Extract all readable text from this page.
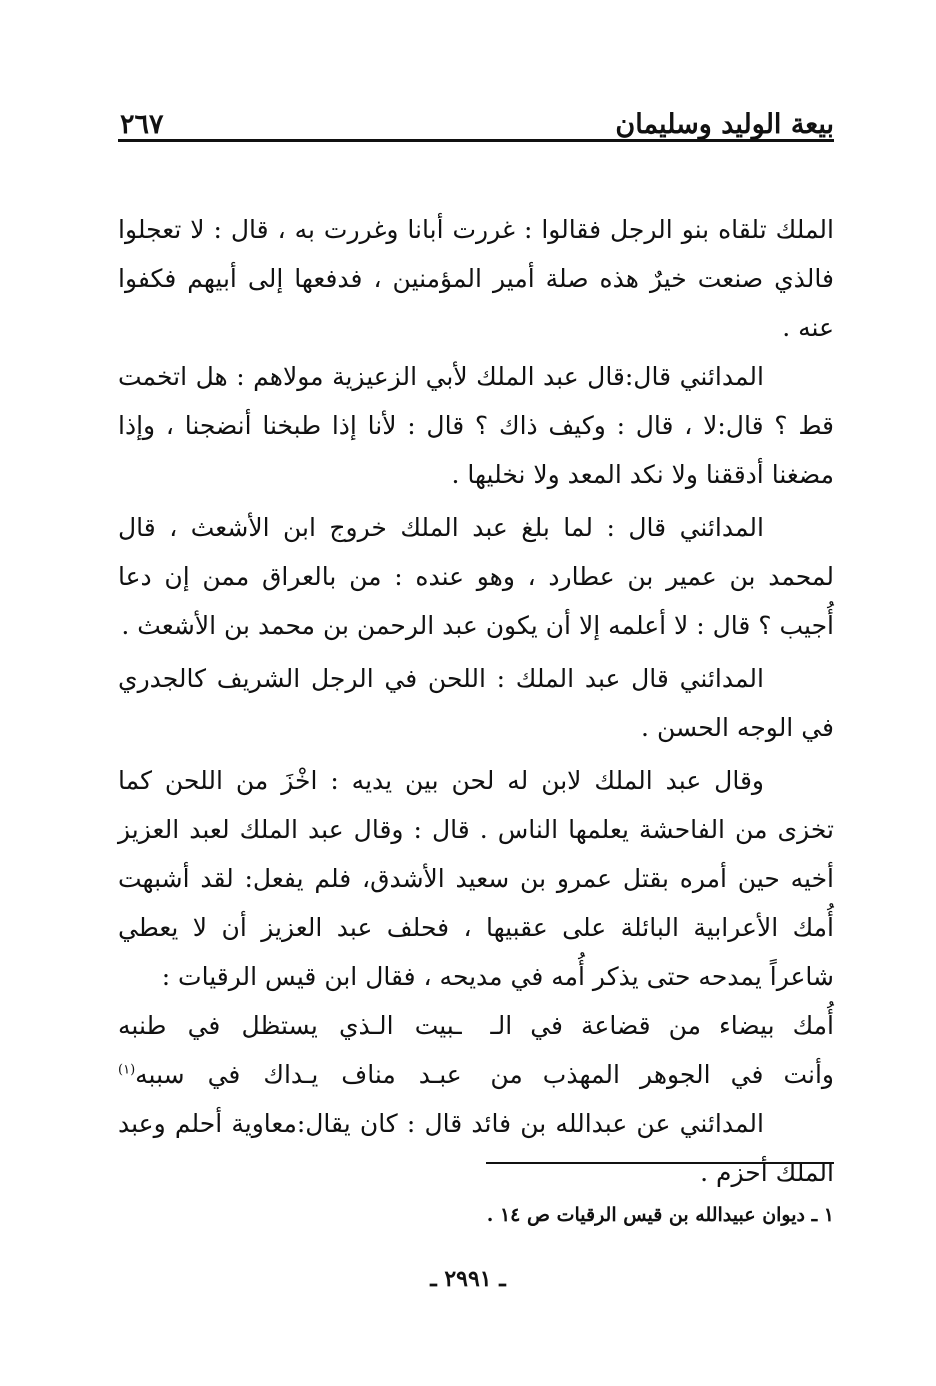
بيعة الوليد وسليمان
٢٦٧

الملك تلقاه بنو الرجل فقالوا : غررت أبانا وغررت به ، قال : لا تعجلوا فالذي صنعت خيرٌ هذه صلة أمير المؤمنين ، فدفعها إلى أبيهم فكفوا عنه .

المدائني قال:قال عبد الملك لأبي الزعيزية مولاهم : هل اتخمت قط ؟ قال:لا ، قال : وكيف ذاك ؟ قال : لأنا إذا طبخنا أنضجنا ، وإذا مضغنا أدققنا ولا نكد المعد ولا نخليها .

المدائني قال : لما بلغ عبد الملك خروج ابن الأشعث ، قال لمحمد بن عمير بن عطارد ، وهو عنده : من بالعراق ممن إن دعا أُجيب ؟ قال : لا أعلمه إلا أن يكون عبد الرحمن بن محمد بن الأشعث .

المدائني قال عبد الملك : اللحن في الرجل الشريف كالجدري في الوجه الحسن .

وقال عبد الملك لابن له لحن بين يديه : اخْزَ من اللحن كما تخزى من الفاحشة يعلمها الناس . قال : وقال عبد الملك لعبد العزيز أخيه حين أمره بقتل عمرو بن سعيد الأشدق، فلم يفعل: لقد أشبهت أُمك الأعرابية البائلة على عقبيها ، فحلف عبد العزيز أن لا يعطي شاعراً يمدحه حتى يذكر أُمه في مديحه ، فقال ابن قيس الرقيات :

أُمك بيضاء من قضاعة في الـ
ـبيت الـذي يستظل في طنبه
وأنت في الجوهر المهذب من
عبـد مناف يـداك في سببه$^{(١)}$

المدائني عن عبدالله بن فائد قال : كان يقال:معاوية أحلم وعبد الملك أحزم .

١ ـ ديوان عبيدالله بن قيس الرقيات ص ١٤ .
ـ ٢٩٩١ ـ
